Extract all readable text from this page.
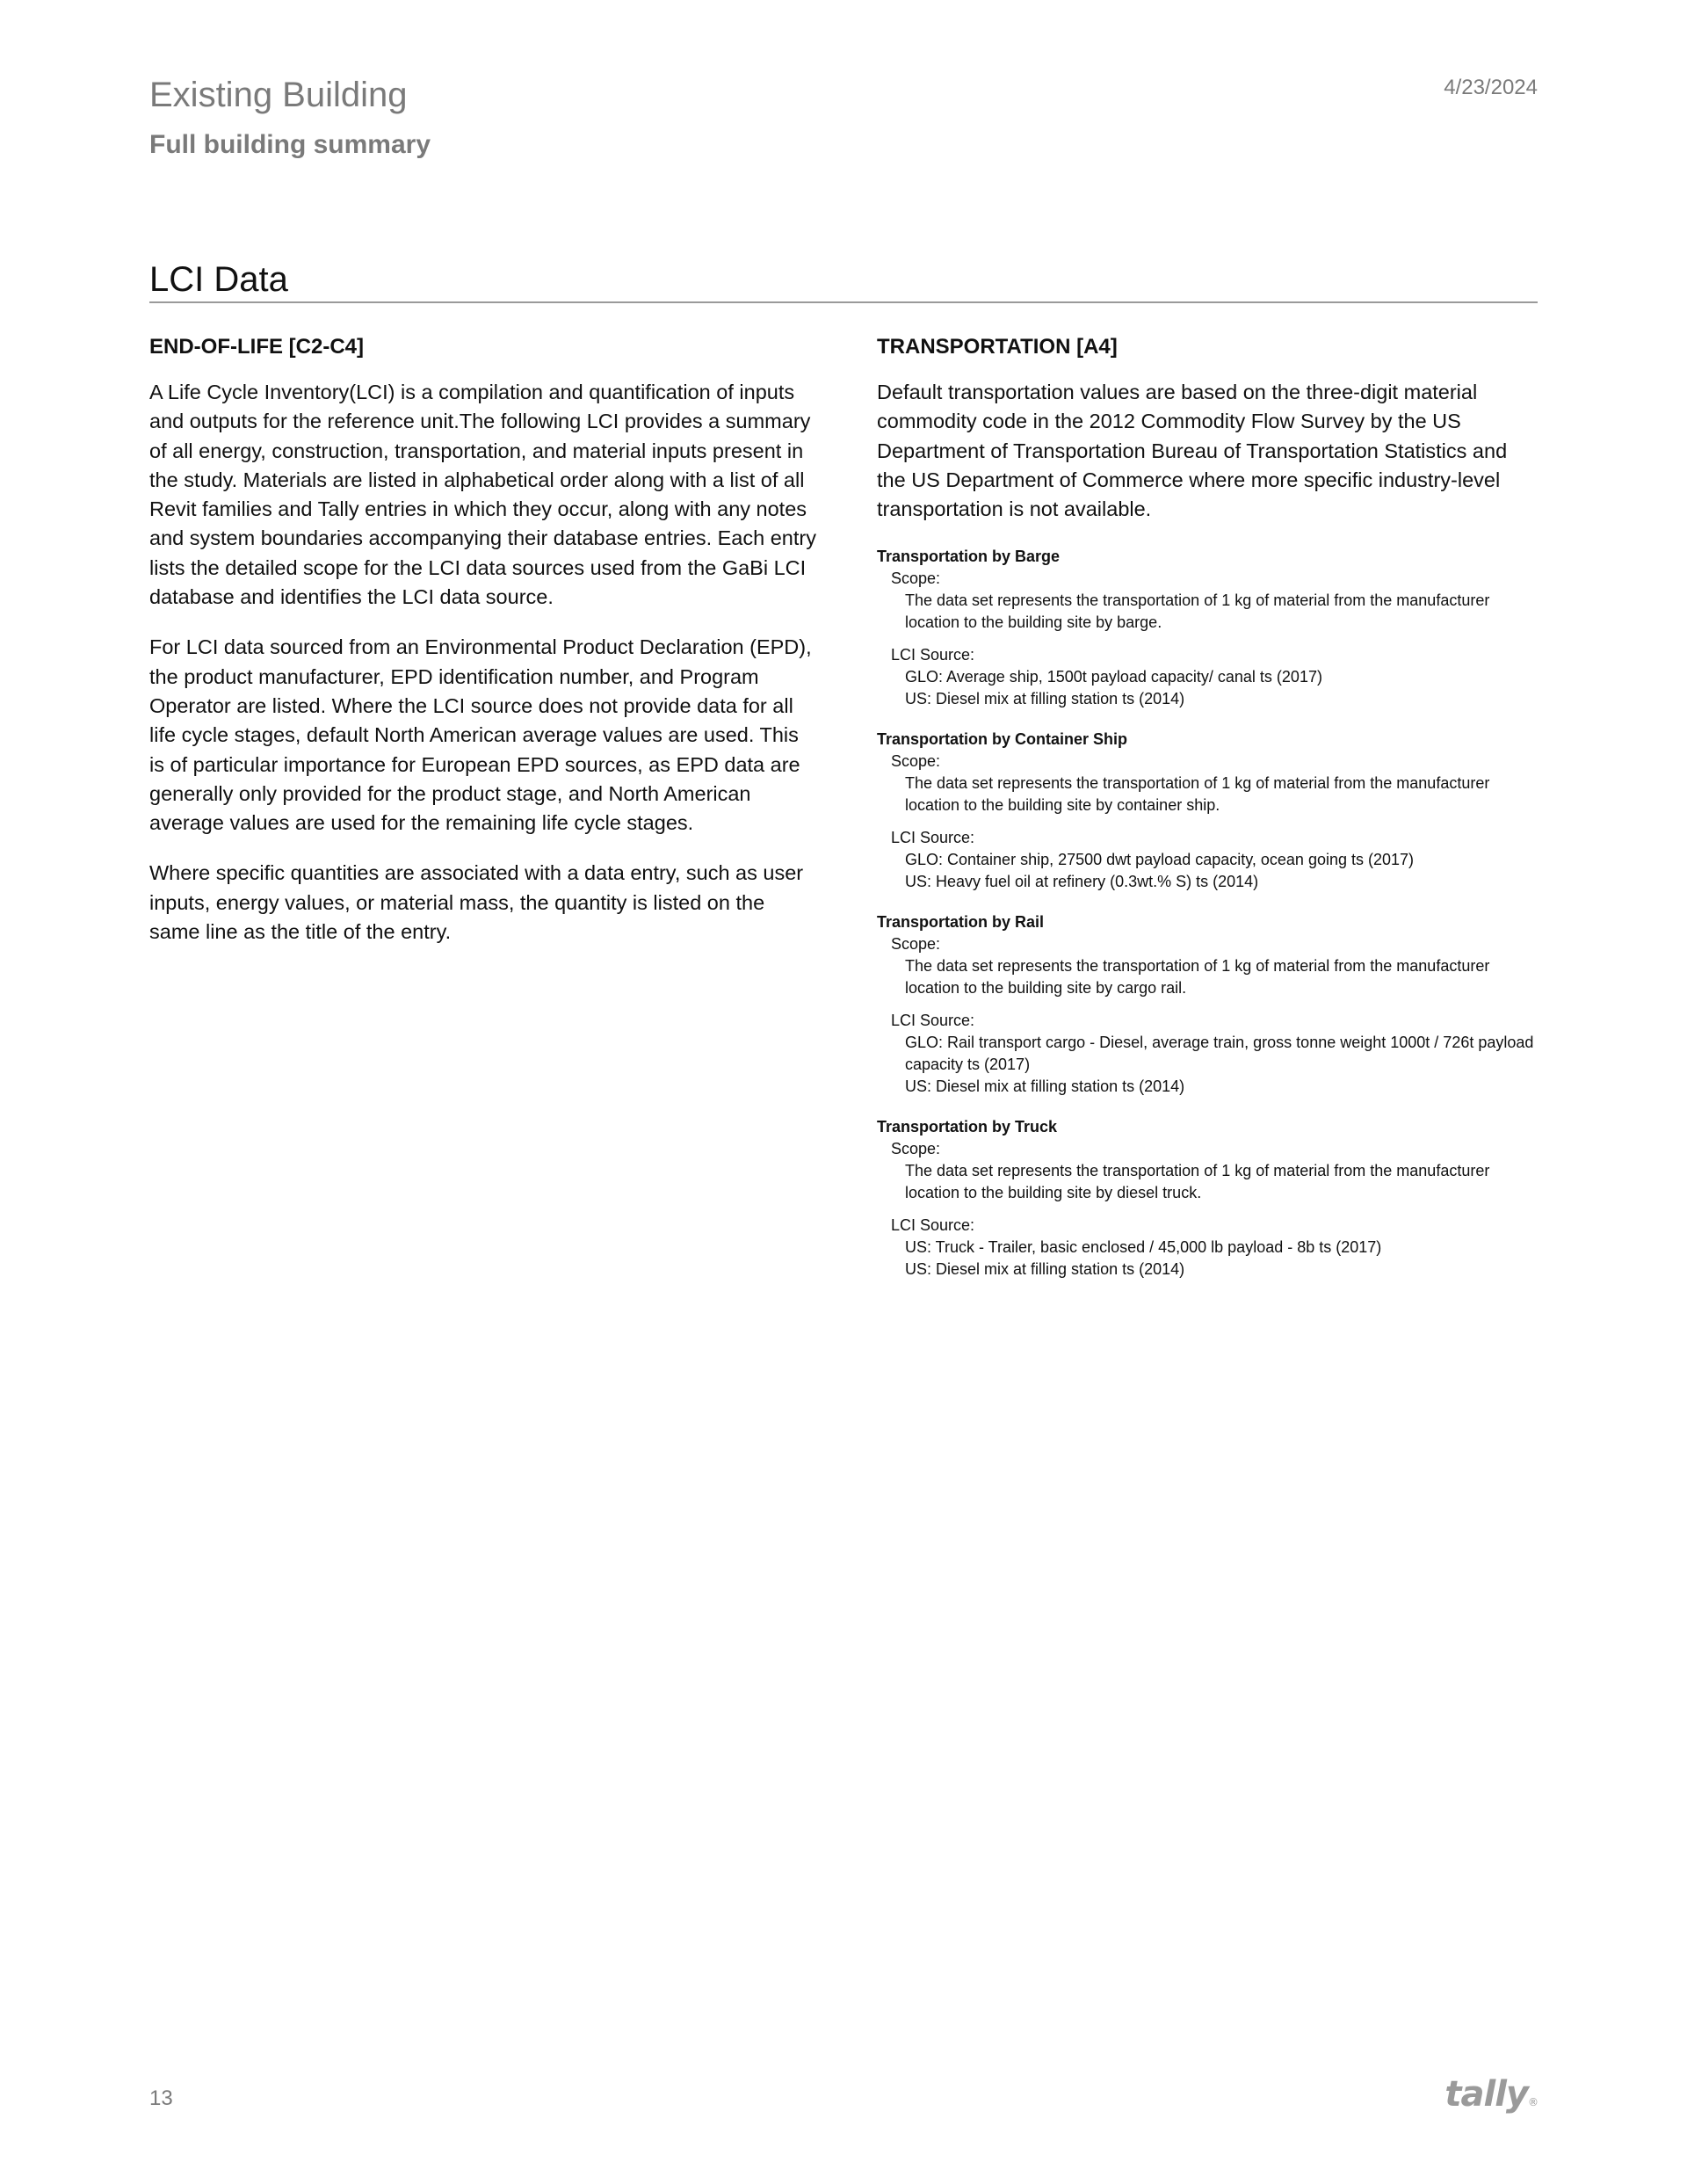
Existing Building
Full building summary
4/23/2024
LCI Data
END-OF-LIFE [C2-C4]

A Life Cycle Inventory(LCI) is a compilation and quantification of inputs and outputs for the reference unit.The following LCI provides a summary of all energy, construction, transportation, and material inputs present in the study. Materials are listed in alphabetical order along with a list of all Revit families and Tally entries in which they occur, along with any notes and system boundaries accompanying their database entries. Each entry lists the detailed scope for the LCI data sources used from the GaBi LCI database and identifies the LCI data source.

For LCI data sourced from an Environmental Product Declaration (EPD), the product manufacturer, EPD identification number, and Program Operator are listed. Where the LCI source does not provide data for all life cycle stages, default North American average values are used. This is of particular importance for European EPD sources, as EPD data are generally only provided for the product stage, and North American average values are used for the remaining life cycle stages.

Where specific quantities are associated with a data entry, such as user inputs, energy values, or material mass, the quantity is listed on the same line as the title of the entry.

TRANSPORTATION [A4]

Default transportation values are based on the three-digit material commodity code in the 2012 Commodity Flow Survey by the US Department of Transportation Bureau of Transportation Statistics and the US Department of Commerce where more specific industry-level transportation is not available.

Transportation by Barge
Scope:
The data set represents the transportation of 1 kg of material from the manufacturer location to the building site by barge.
LCI Source:
GLO: Average ship, 1500t payload capacity/ canal ts (2017)
US: Diesel mix at filling station ts (2014)
Transportation by Container Ship
Scope:
The data set represents the transportation of 1 kg of material from the manufacturer location to the building site by container ship.
LCI Source:
GLO: Container ship, 27500 dwt payload capacity, ocean going ts (2017)
US: Heavy fuel oil at refinery (0.3wt.% S) ts (2014)
Transportation by Rail
Scope:
The data set represents the transportation of 1 kg of material from the manufacturer location to the building site by cargo rail.
LCI Source:
GLO: Rail transport cargo - Diesel, average train, gross tonne weight 1000t / 726t payload capacity ts (2017)
US: Diesel mix at filling station ts (2014)
Transportation by Truck
Scope:
The data set represents the transportation of 1 kg of material from the manufacturer location to the building site by diesel truck.
LCI Source:
US: Truck - Trailer, basic enclosed / 45,000 lb payload - 8b ts (2017)
US: Diesel mix at filling station ts (2014)
13	tally®
